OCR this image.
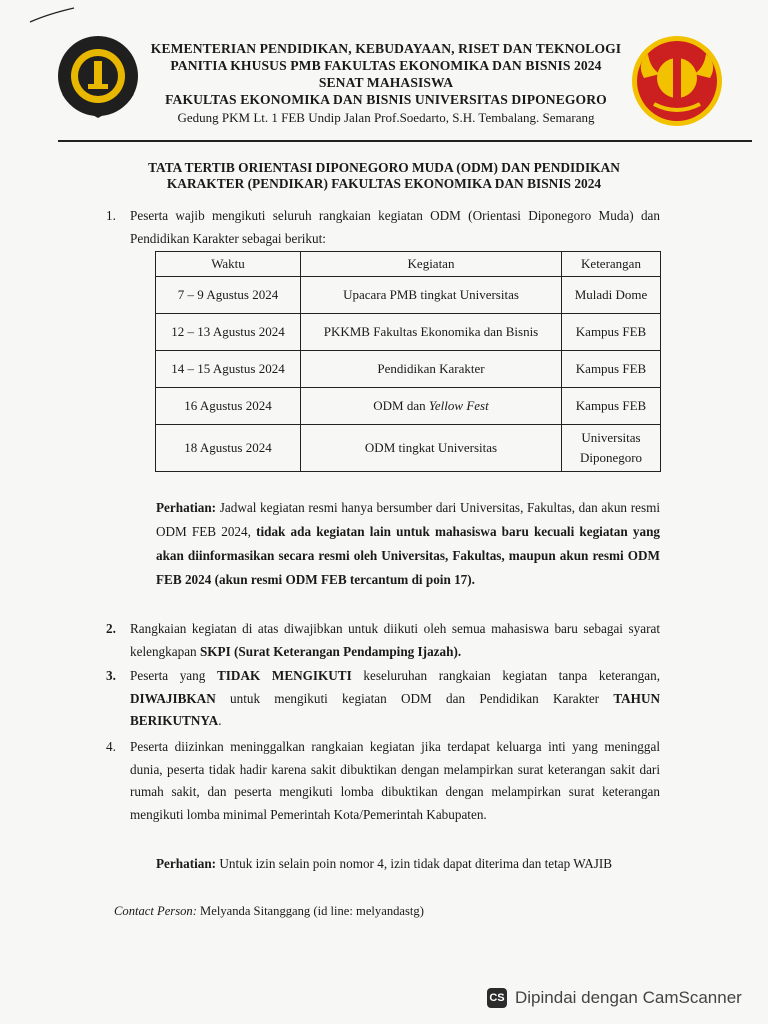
KEMENTERIAN PENDIDIKAN, KEBUDAYAAN, RISET DAN TEKNOLOGI
PANITIA KHUSUS PMB FAKULTAS EKONOMIKA DAN BISNIS 2024
SENAT MAHASISWA
FAKULTAS EKONOMIKA DAN BISNIS UNIVERSITAS DIPONEGORO
Gedung PKM Lt. 1 FEB Undip Jalan Prof.Soedarto, S.H. Tembalang. Semarang
TATA TERTIB ORIENTASI DIPONEGORO MUDA (ODM) DAN PENDIDIKAN
KARAKTER (PENDIKAR) FAKULTAS EKONOMIKA DAN BISNIS 2024
1. Peserta wajib mengikuti seluruh rangkaian kegiatan ODM (Orientasi Diponegoro Muda) dan Pendidikan Karakter sebagai berikut:
Waktu	Kegiatan	Keterangan
7 – 9 Agustus 2024	Upacara PMB tingkat Universitas	Muladi Dome
12 – 13 Agustus 2024	PKKMB Fakultas Ekonomika dan Bisnis	Kampus FEB
14 – 15 Agustus 2024	Pendidikan Karakter	Kampus FEB
16 Agustus 2024	ODM dan Yellow Fest	Kampus FEB
18 Agustus 2024	ODM tingkat Universitas	Universitas
Diponegoro
Perhatian: Jadwal kegiatan resmi hanya bersumber dari Universitas, Fakultas, dan akun resmi ODM FEB 2024, tidak ada kegiatan lain untuk mahasiswa baru kecuali kegiatan yang akan diinformasikan secara resmi oleh Universitas, Fakultas, maupun akun resmi ODM FEB 2024 (akun resmi ODM FEB tercantum di poin 17).
2. Rangkaian kegiatan di atas diwajibkan untuk diikuti oleh semua mahasiswa baru sebagai syarat kelengkapan SKPI (Surat Keterangan Pendamping Ijazah).
3. Peserta yang TIDAK MENGIKUTI keseluruhan rangkaian kegiatan tanpa keterangan, DIWAJIBKAN untuk mengikuti kegiatan ODM dan Pendidikan Karakter TAHUN BERIKUTNYA.
4. Peserta diizinkan meninggalkan rangkaian kegiatan jika terdapat keluarga inti yang meninggal dunia, peserta tidak hadir karena sakit dibuktikan dengan melampirkan surat keterangan sakit dari rumah sakit, dan peserta mengikuti lomba dibuktikan dengan melampirkan surat keterangan mengikuti lomba minimal Pemerintah Kota/Pemerintah Kabupaten.
Perhatian: Untuk izin selain poin nomor 4, izin tidak dapat diterima dan tetap WAJIB
Contact Person: Melyanda Sitanggang (id line: melyandastg)
CS Dipindai dengan CamScanner
